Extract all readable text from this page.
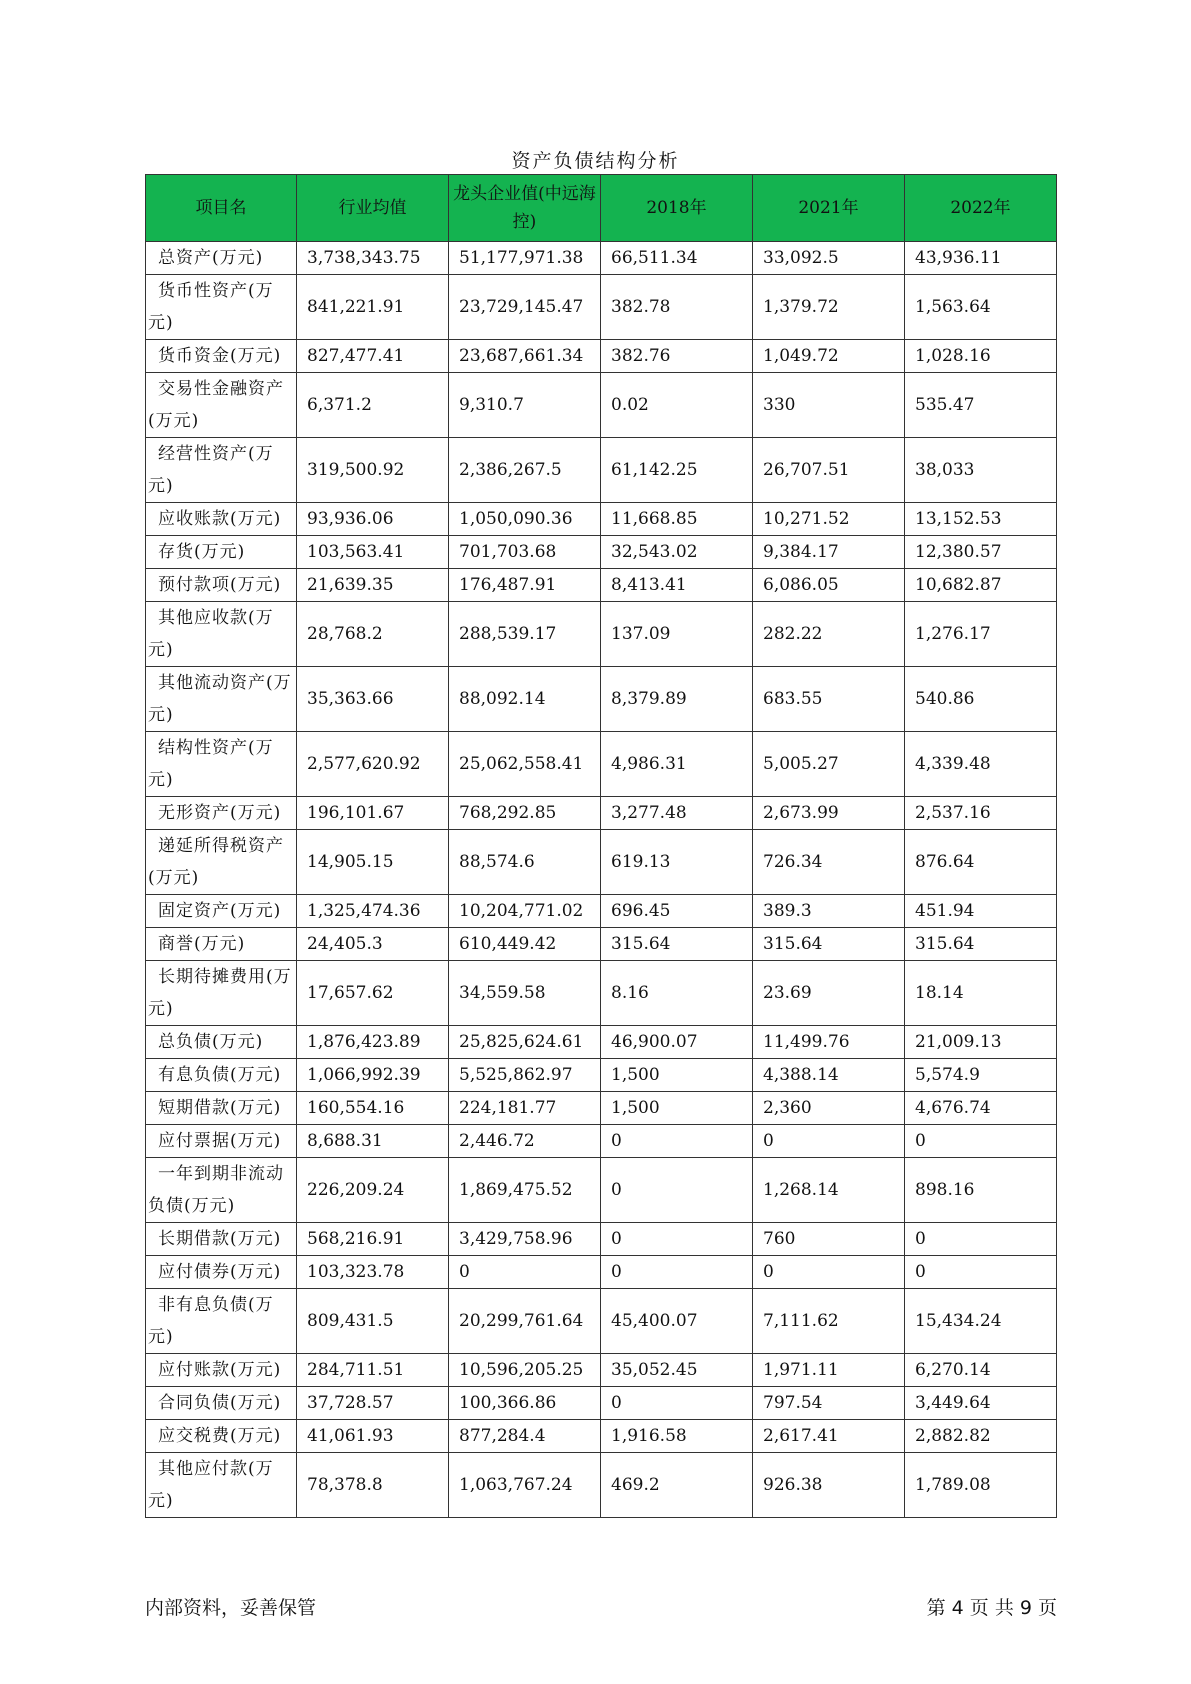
资产负债结构分析
项目名	行业均值	龙头企业值(中远海控)	2018年	2021年	2022年
总资产(万元)	3,738,343.75	51,177,971.38	66,511.34	33,092.5	43,936.11
货币性资产(万元)	841,221.91	23,729,145.47	382.78	1,379.72	1,563.64
货币资金(万元)	827,477.41	23,687,661.34	382.76	1,049.72	1,028.16
交易性金融资产(万元)	6,371.2	9,310.7	0.02	330	535.47
经营性资产(万元)	319,500.92	2,386,267.5	61,142.25	26,707.51	38,033
应收账款(万元)	93,936.06	1,050,090.36	11,668.85	10,271.52	13,152.53
存货(万元)	103,563.41	701,703.68	32,543.02	9,384.17	12,380.57
预付款项(万元)	21,639.35	176,487.91	8,413.41	6,086.05	10,682.87
其他应收款(万元)	28,768.2	288,539.17	137.09	282.22	1,276.17
其他流动资产(万元)	35,363.66	88,092.14	8,379.89	683.55	540.86
结构性资产(万元)	2,577,620.92	25,062,558.41	4,986.31	5,005.27	4,339.48
无形资产(万元)	196,101.67	768,292.85	3,277.48	2,673.99	2,537.16
递延所得税资产(万元)	14,905.15	88,574.6	619.13	726.34	876.64
固定资产(万元)	1,325,474.36	10,204,771.02	696.45	389.3	451.94
商誉(万元)	24,405.3	610,449.42	315.64	315.64	315.64
长期待摊费用(万元)	17,657.62	34,559.58	8.16	23.69	18.14
总负债(万元)	1,876,423.89	25,825,624.61	46,900.07	11,499.76	21,009.13
有息负债(万元)	1,066,992.39	5,525,862.97	1,500	4,388.14	5,574.9
短期借款(万元)	160,554.16	224,181.77	1,500	2,360	4,676.74
应付票据(万元)	8,688.31	2,446.72	0	0	0
一年到期非流动负债(万元)	226,209.24	1,869,475.52	0	1,268.14	898.16
长期借款(万元)	568,216.91	3,429,758.96	0	760	0
应付债券(万元)	103,323.78	0	0	0	0
非有息负债(万元)	809,431.5	20,299,761.64	45,400.07	7,111.62	15,434.24
应付账款(万元)	284,711.51	10,596,205.25	35,052.45	1,971.11	6,270.14
合同负债(万元)	37,728.57	100,366.86	0	797.54	3,449.64
应交税费(万元)	41,061.93	877,284.4	1,916.58	2,617.41	2,882.82
其他应付款(万元)	78,378.8	1,063,767.24	469.2	926.38	1,789.08
内部资料，妥善保管	第 4 页 共 9 页
